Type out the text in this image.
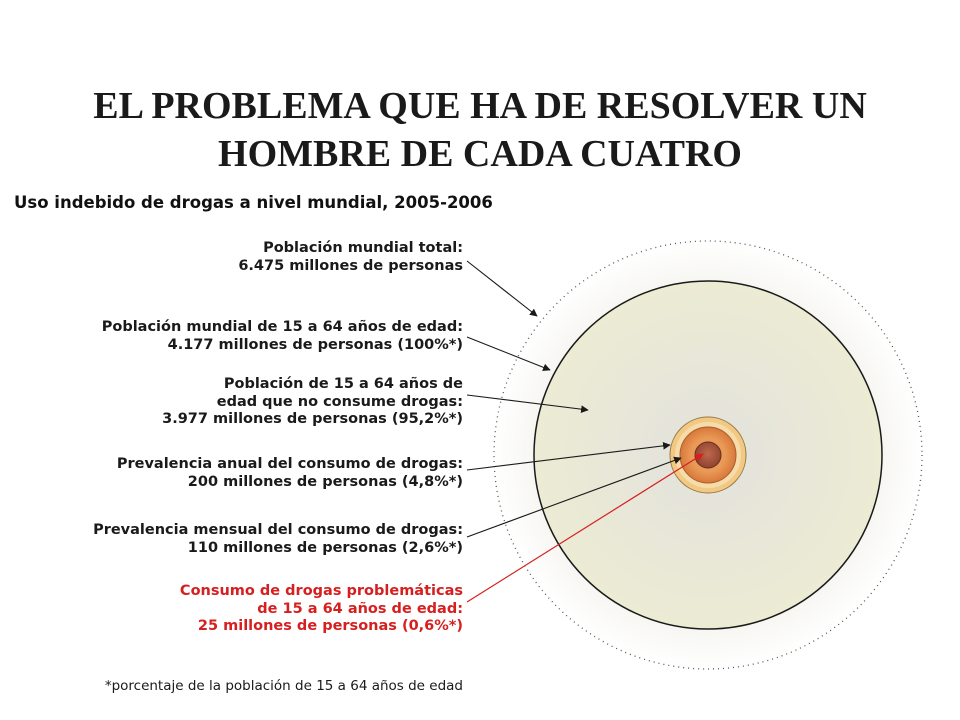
EL PROBLEMA QUE HA DE RESOLVER UN
HOMBRE DE CADA CUATRO
Uso indebido de drogas a nivel mundial, 2005-2006
Población mundial total:
6.475 millones de personas
Población mundial de 15 a 64 años de edad:
4.177 millones de personas (100%*)
Población de 15 a 64 años de
edad que no consume drogas:
3.977 millones de personas (95,2%*)
Prevalencia anual del consumo de drogas:
200 millones de personas (4,8%*)
Prevalencia mensual del consumo de drogas:
110 millones de personas (2,6%*)
Consumo de drogas problemáticas
de 15 a 64 años de edad:
25 millones de personas (0,6%*)
*porcentaje de la población de 15 a 64 años de edad
